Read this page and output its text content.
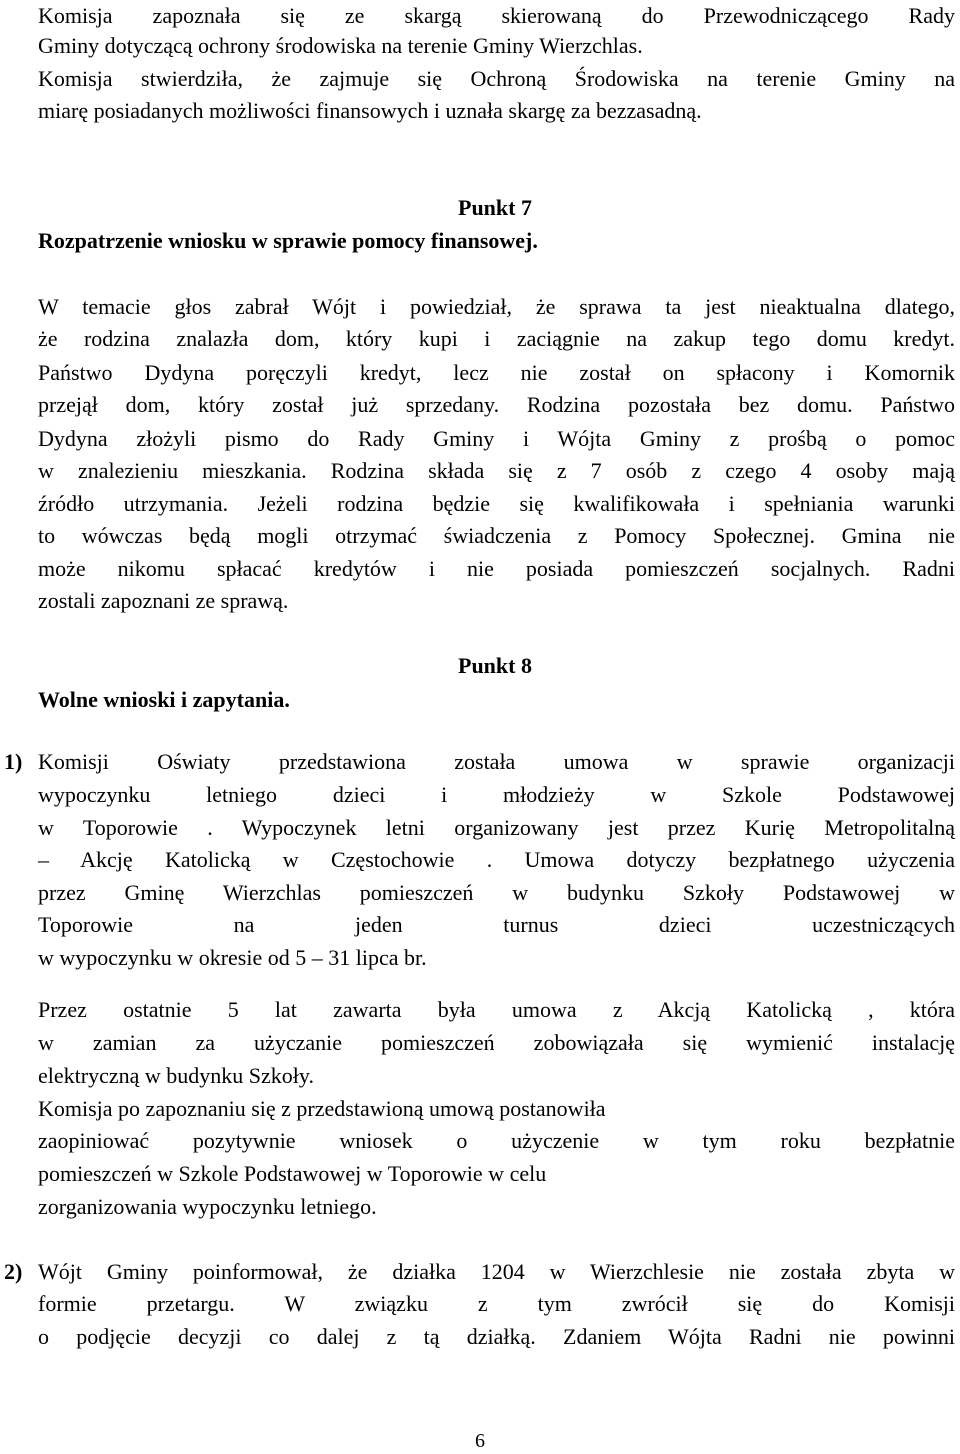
Komisja zapoznała się ze skargą skierowaną do Przewodniczącego Rady
Gminy dotyczącą ochrony środowiska na terenie Gminy Wierzchlas.
Komisja stwierdziła, że zajmuje się Ochroną Środowiska na terenie Gminy na
miarę posiadanych możliwości finansowych i uznała skargę za bezzasadną.
Punkt 7
Rozpatrzenie wniosku w sprawie pomocy finansowej.
W temacie głos zabrał Wójt i powiedział, że sprawa ta jest nieaktualna dlatego,
że rodzina znalazła dom, który kupi i zaciągnie na zakup tego domu kredyt.
Państwo Dydyna poręczyli kredyt, lecz nie został on spłacony i Komornik
przejął dom, który został już sprzedany. Rodzina pozostała bez domu. Państwo
Dydyna złożyli pismo do Rady Gminy i Wójta Gminy z prośbą o pomoc
w znalezieniu mieszkania. Rodzina składa się z 7 osób z czego 4 osoby mają
źródło utrzymania. Jeżeli rodzina będzie się kwalifikowała i spełniania warunki
to wówczas będą mogli otrzymać świadczenia z Pomocy Społecznej. Gmina nie
może nikomu spłacać kredytów i nie posiada pomieszczeń socjalnych. Radni
zostali zapoznani ze sprawą.
Punkt 8
Wolne wnioski i zapytania.
1) Komisji Oświaty przedstawiona została umowa w sprawie organizacji
wypoczynku letniego dzieci i młodzieży w Szkole Podstawowej
w Toporowie . Wypoczynek letni organizowany jest przez Kurię Metropolitalną
– Akcję Katolicką w Częstochowie . Umowa dotyczy bezpłatnego użyczenia
przez Gminę Wierzchlas pomieszczeń w budynku Szkoły Podstawowej w
Toporowie na jeden turnus dzieci uczestniczących
w wypoczynku w okresie od 5 – 31 lipca br.
Przez ostatnie 5 lat zawarta była umowa z Akcją Katolicką , która
w zamian za użyczanie pomieszczeń zobowiązała się wymienić instalację
elektryczną w budynku Szkoły.
Komisja po zapoznaniu się z przedstawioną umową postanowiła
zaopiniować pozytywnie wniosek o użyczenie w tym roku bezpłatnie
pomieszczeń w Szkole Podstawowej w Toporowie w celu
zorganizowania wypoczynku letniego.
2) Wójt Gminy poinformował, że działka 1204 w Wierzchlesie nie została zbyta w
formie przetargu. W związku z tym zwrócił się do Komisji
o podjęcie decyzji co dalej z tą działką. Zdaniem Wójta Radni nie powinni
6
